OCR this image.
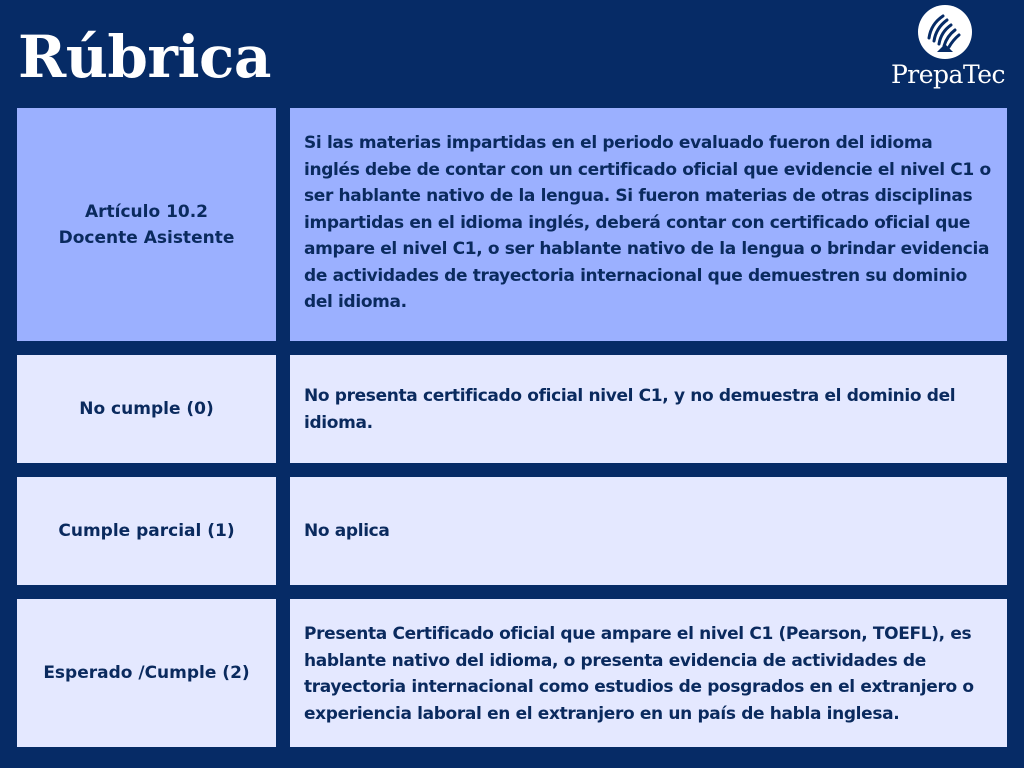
Rúbrica	PrepaTec
Artículo 10.2
Docente Asistente
Si las materias impartidas en el periodo evaluado fueron del idioma inglés debe de contar con un certificado oficial que evidencie el nivel C1 o ser hablante nativo de la lengua. Si fueron materias de otras disciplinas impartidas en el idioma inglés, deberá contar con certificado oficial que ampare el nivel C1, o ser hablante nativo de la lengua o brindar evidencia de actividades de trayectoria internacional que demuestren su dominio del idioma.
No cumple (0)
No presenta certificado oficial nivel C1, y no demuestra el dominio del idioma.
Cumple parcial (1)	No aplica
Esperado /Cumple (2)
Presenta Certificado oficial que ampare el nivel C1 (Pearson, TOEFL), es hablante nativo del idioma, o presenta evidencia de actividades de trayectoria internacional como estudios de posgrados en el extranjero o experiencia laboral en el extranjero en un país de habla inglesa.
